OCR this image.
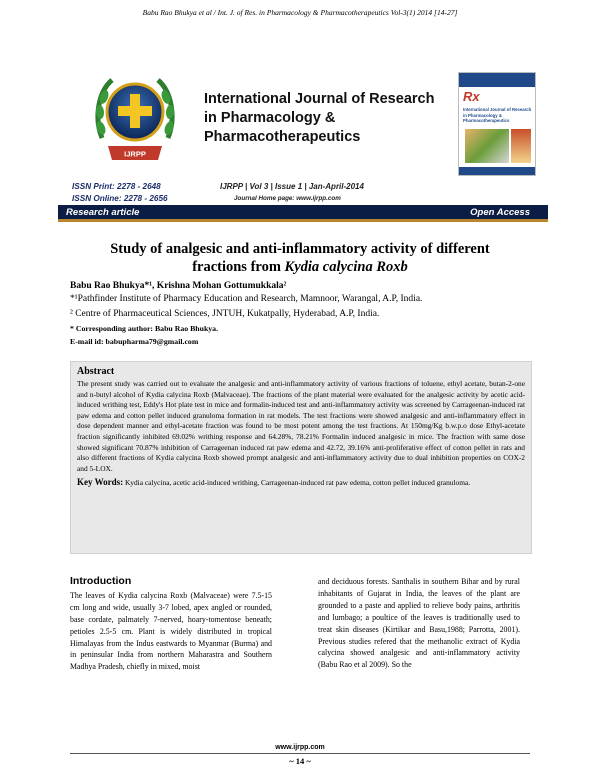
Babu Rao Bhukya et al / Int. J. of Res. in Pharmacology & Pharmacotherapeutics Vol-3(1) 2014 [14-27]
IJRPP
International Journal of Research in Pharmacology & Pharmacotherapeutics
Rx
International Journal of Research in Pharmacology & Pharmacotherapeutics
ISSN Print: 2278 - 2648
ISSN Online: 2278 - 2656
IJRPP | Vol 3 | Issue 1 | Jan-April-2014
Journal Home page: www.ijrpp.com
Research article	Open Access
Study of analgesic and anti-inflammatory activity of different
fractions from Kydia calycina Roxb
Babu Rao Bhukya*¹, Krishna Mohan Gottumukkala²
*¹Pathfinder Institute of Pharmacy Education and Research, Mamnoor, Warangal, A.P, India.
² Centre of Pharmaceutical Sciences, JNTUH, Kukatpally, Hyderabad, A.P, India.
* Corresponding author: Babu Rao Bhukya.
E-mail id: babupharma79@gmail.com
Abstract
The present study was carried out to evaluate the analgesic and anti-inflammatory activity of various fractions of toluene, ethyl acetate, butan-2-one and n-butyl alcohol of Kydia calycina Roxb (Malvaceae). The fractions of the plant material were evaluated for the analgesic activity by acetic acid-induced writhing test, Eddy's Hot plate test in mice and formalin-induced test and anti-inflammatory activity was screened by Carrageenan-induced rat paw edema and cotton pellet induced granuloma formation in rat models. The test fractions were showed analgesic and anti-inflammatory effect in dose dependent manner and ethyl-acetate fraction was found to be most potent among the test fractions. At 150mg/Kg b.w.p.o dose Ethyl-acetate fraction significantly inhibited 69.02% writhing response and 64.28%, 78.21% Formalin induced analgesic in mice. The fraction with same dose showed significant 70.87% inhibition of Carrageenan induced rat paw edema and 42.72, 39.16% anti-proliferative effect of cotton pellet in rats and also different fractions of Kydia calycina Roxb showed prompt analgesic and anti-inflammatory activity due to dual inhibition properties on COX-2 and 5-LOX.
Key Words: Kydia calycina, acetic acid-induced writhing, Carrageenan-induced rat paw edema, cotton pellet induced granuloma.
Introduction
The leaves of Kydia calycina Roxb (Malvaceae) were 7.5-15 cm long and wide, usually 3-7 lobed, apex angled or rounded, base cordate, palmately 7-nerved, hoary-tomentose beneath; petioles 2.5-5 cm. Plant is widely distributed in tropical Himalayas from the Indus eastwards to Myanmar (Burma) and in peninsular India from northern Maharastra and Southern Madhya Pradesh, chiefly in mixed, moist
and deciduous forests. Santhalis in southern Bihar and by rural inhabitants of Gujarat in India, the leaves of the plant are grounded to a paste and applied to relieve body pains, arthritis and lumbago; a poultice of the leaves is traditionally used to treat skin diseases (Kirtikar and Basu,1988; Parrotta, 2001). Previous studies refered that the methanolic extract of Kydia calycina showed analgesic and anti-inflammatory activity (Babu Rao et al 2009). So the
www.ijrpp.com
~ 14 ~
